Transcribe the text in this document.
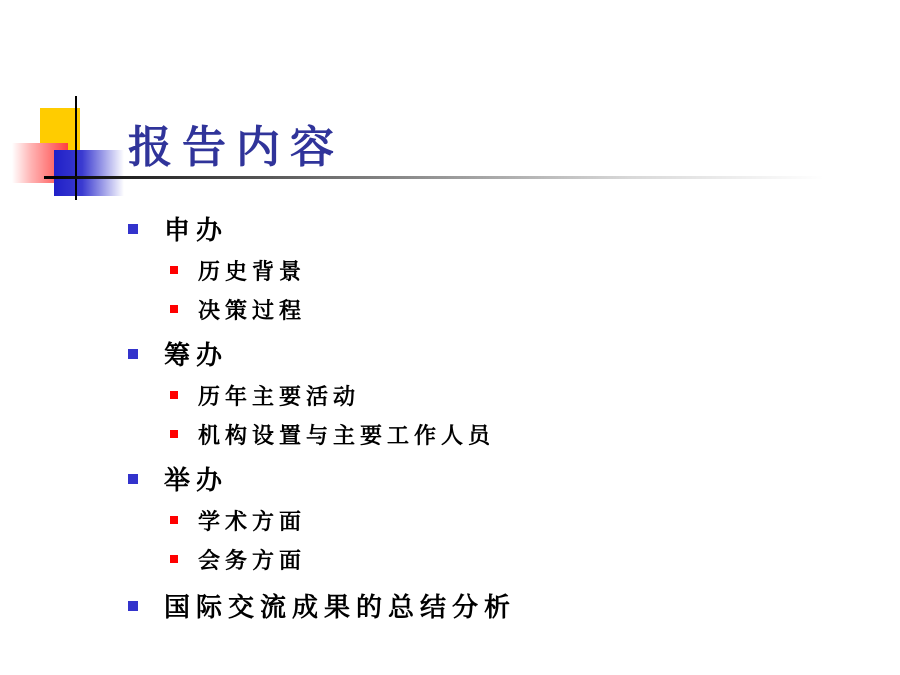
报告内容
申办
历史背景
决策过程
筹办
历年主要活动
机构设置与主要工作人员
举办
学术方面
会务方面
国际交流成果的总结分析
